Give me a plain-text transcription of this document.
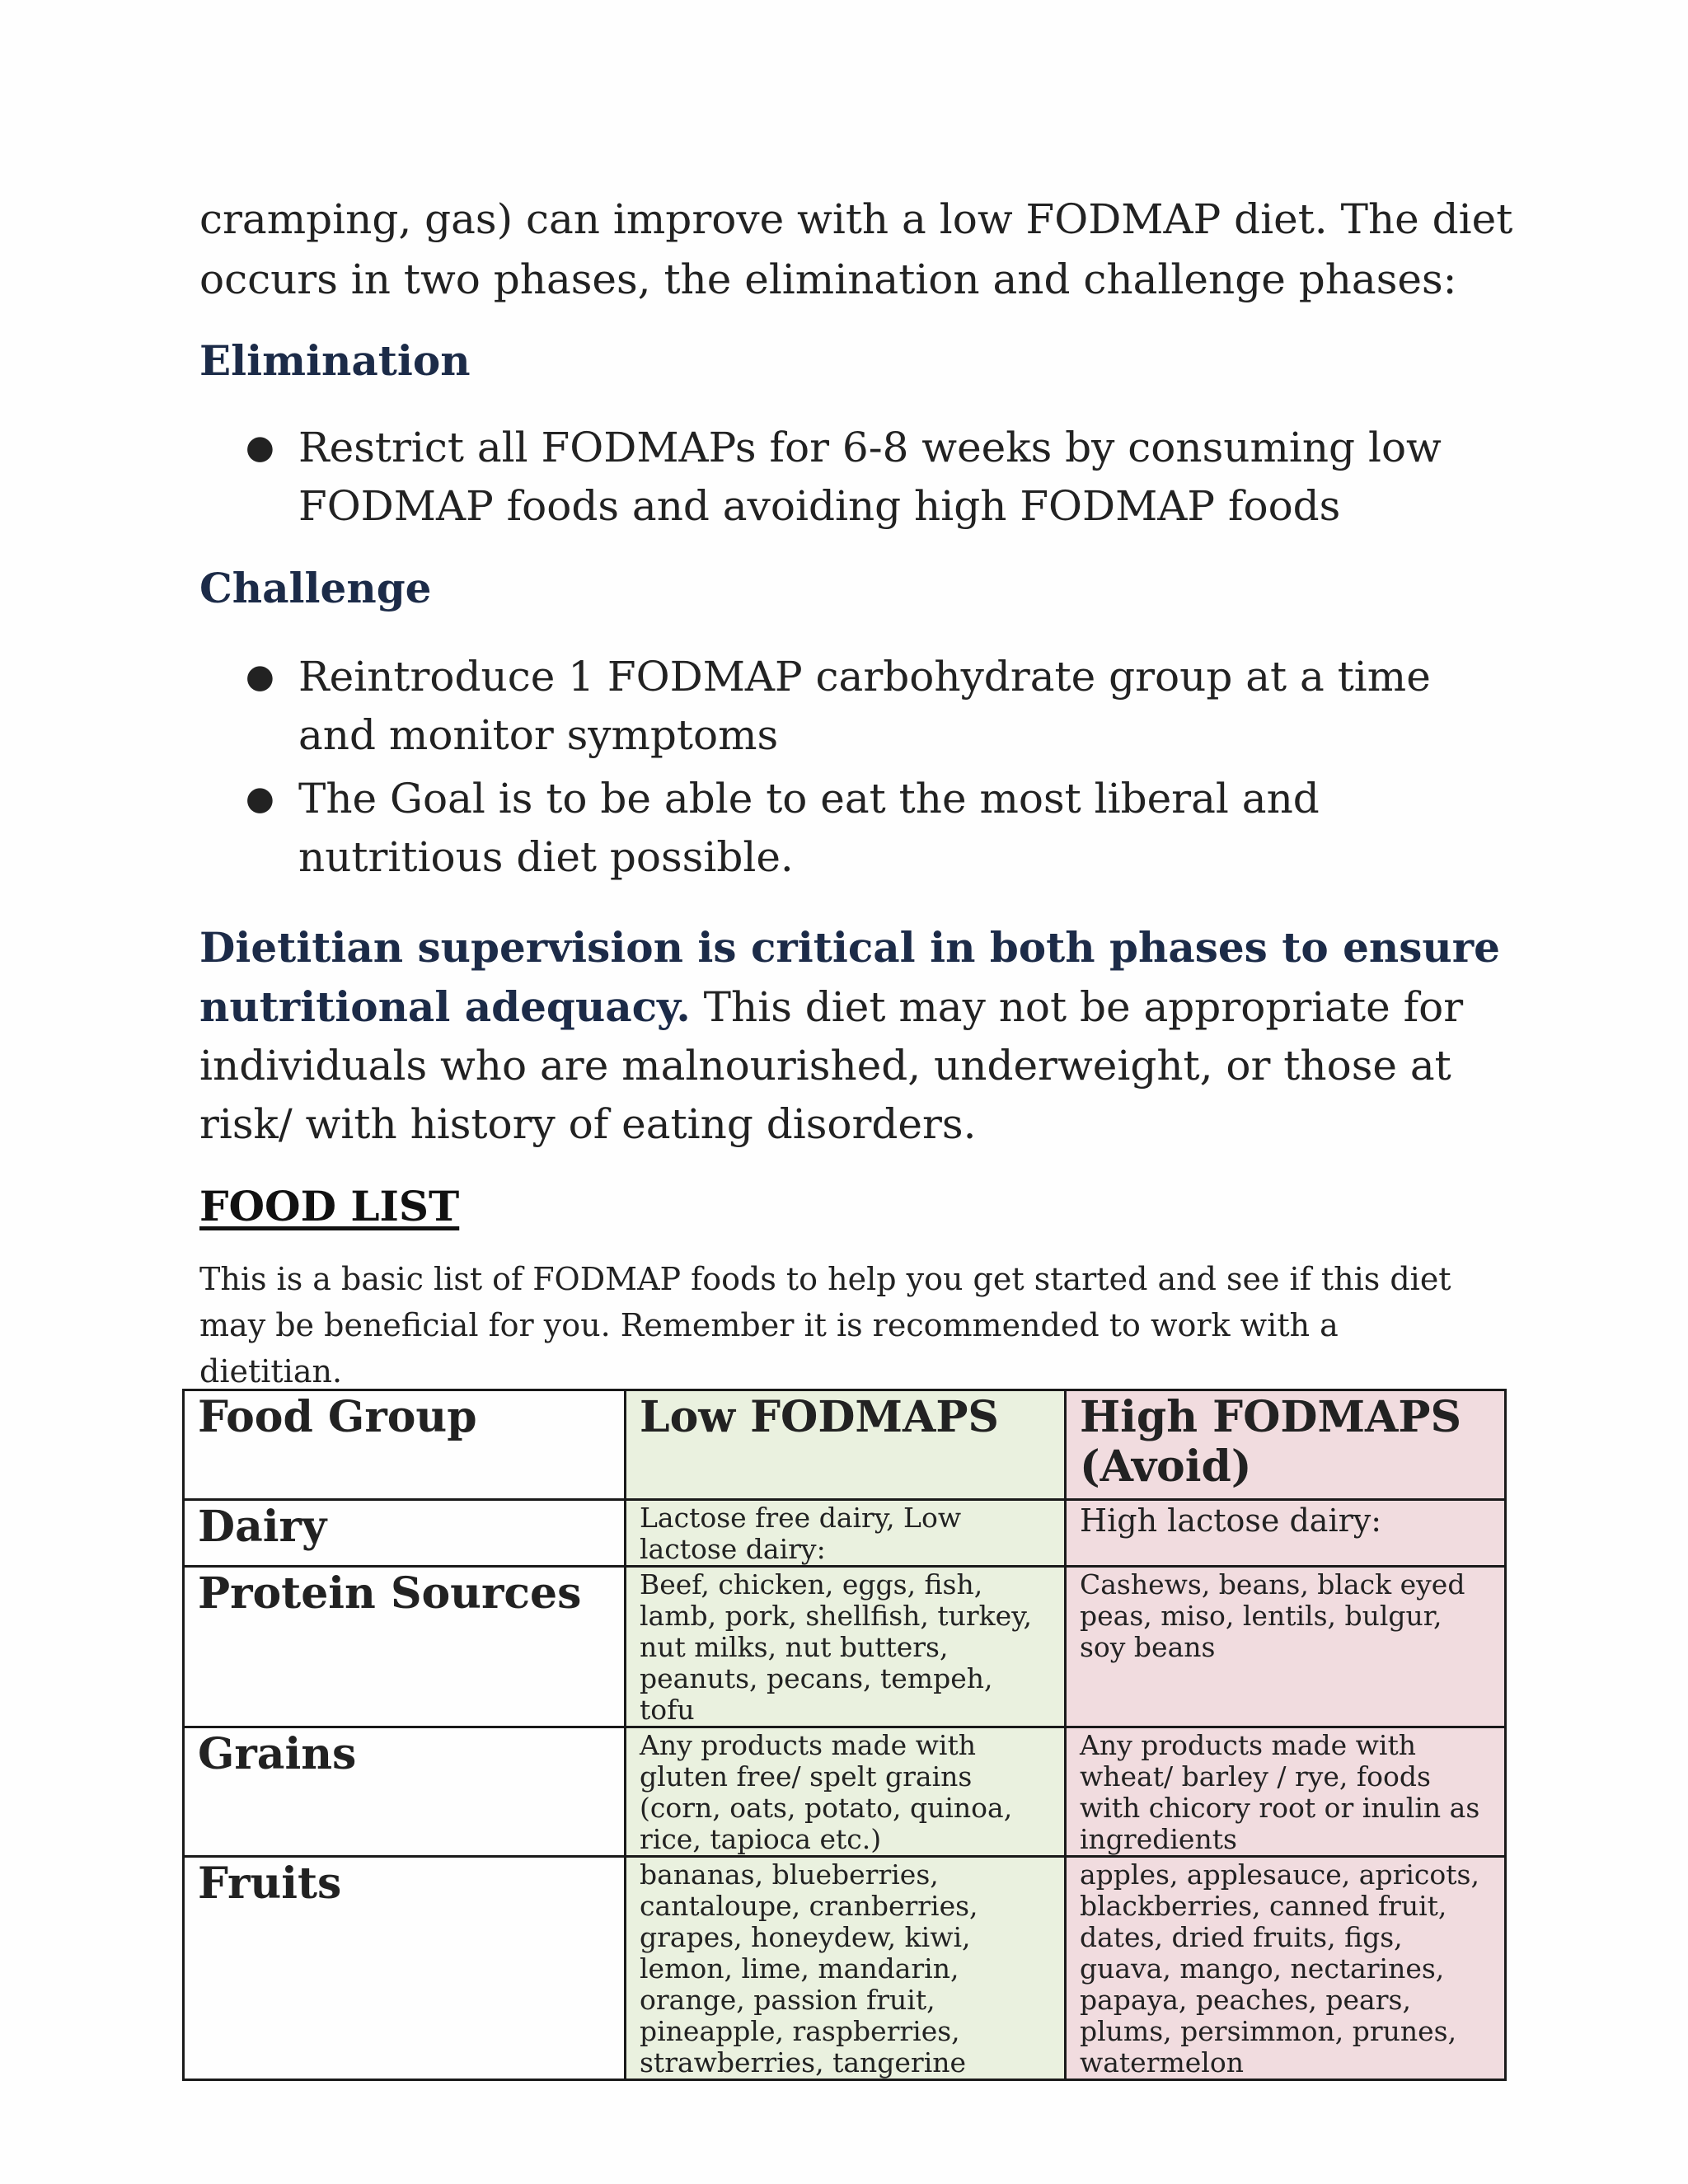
cramping, gas) can improve with a low FODMAP diet. The diet
occurs in two phases, the elimination and challenge phases:
Elimination
● Restrict all FODMAPs for 6-8 weeks by consuming low FODMAP foods and avoiding high FODMAP foods
Challenge
● Reintroduce 1 FODMAP carbohydrate group at a time and monitor symptoms
● The Goal is to be able to eat the most liberal and nutritious diet possible.

Dietitian supervision is critical in both phases to ensure nutritional adequacy. This diet may not be appropriate for individuals who are malnourished, underweight, or those at risk/ with history of eating disorders.

FOOD LIST

This is a basic list of FODMAP foods to help you get started and see if this diet may be beneficial for you. Remember it is recommended to work with a dietitian.

Food Group	Low FODMAPS	High FODMAPS (Avoid)
Dairy	Lactose free dairy, Low lactose dairy:	High lactose dairy:
Protein Sources	Beef, chicken, eggs, fish, lamb, pork, shellfish, turkey, nut milks, nut butters, peanuts, pecans, tempeh, tofu	Cashews, beans, black eyed peas, miso, lentils, bulgur, soy beans
Grains	Any products made with gluten free/ spelt grains (corn, oats, potato, quinoa, rice, tapioca etc.)	Any products made with wheat/ barley / rye, foods with chicory root or inulin as ingredients
Fruits	bananas, blueberries, cantaloupe, cranberries, grapes, honeydew, kiwi, lemon, lime, mandarin, orange, passion fruit, pineapple, raspberries, strawberries, tangerine	apples, applesauce, apricots, blackberries, canned fruit, dates, dried fruits, figs, guava, mango, nectarines, papaya, peaches, pears, plums, persimmon, prunes, watermelon
